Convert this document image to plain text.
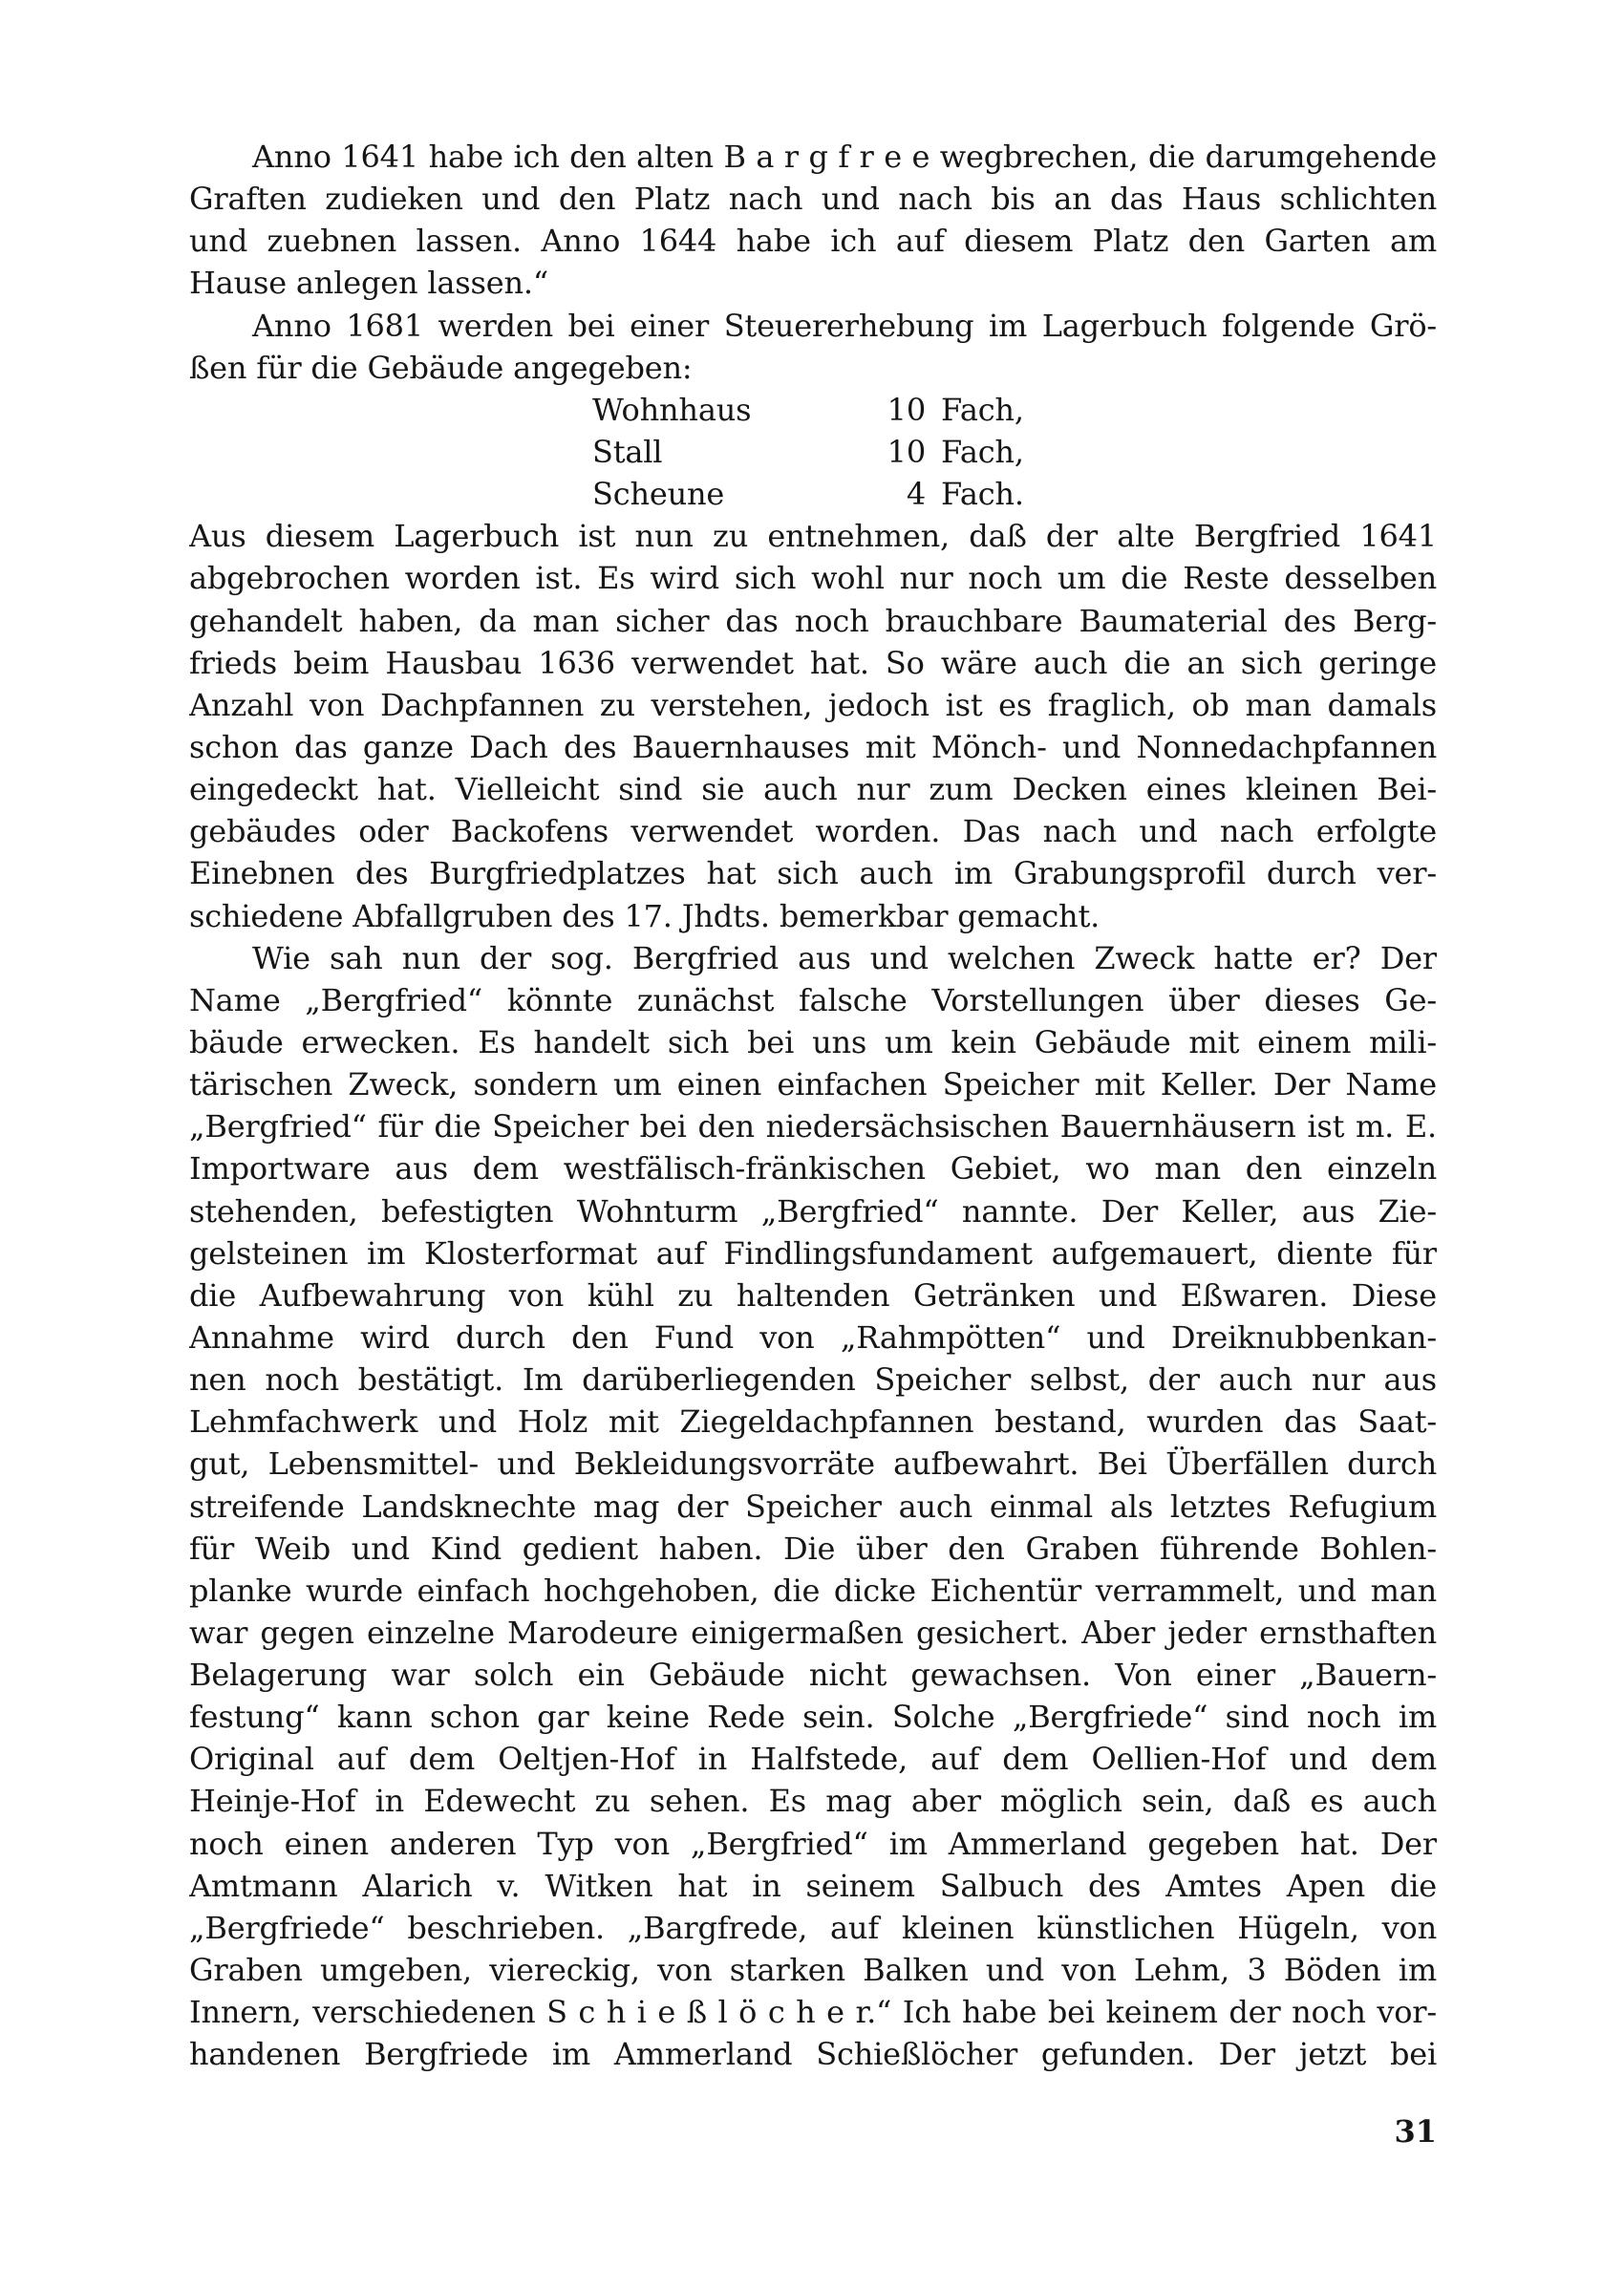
Anno 1641 habe ich den alten B a r g f r e e wegbrechen, die darumgehende
Graften zudieken und den Platz nach und nach bis an das Haus schlichten
und zuebnen lassen. Anno 1644 habe ich auf diesem Platz den Garten am
Hause anlegen lassen.“
Anno 1681 werden bei einer Steuererhebung im Lagerbuch folgende Grö-
ßen für die Gebäude angegeben:
Wohnhaus	10 Fach,
Stall	10 Fach,
Scheune	4 Fach.
Aus diesem Lagerbuch ist nun zu entnehmen, daß der alte Bergfried 1641
abgebrochen worden ist. Es wird sich wohl nur noch um die Reste desselben
gehandelt haben, da man sicher das noch brauchbare Baumaterial des Berg-
frieds beim Hausbau 1636 verwendet hat. So wäre auch die an sich geringe
Anzahl von Dachpfannen zu verstehen, jedoch ist es fraglich, ob man damals
schon das ganze Dach des Bauernhauses mit Mönch- und Nonnedachpfannen
eingedeckt hat. Vielleicht sind sie auch nur zum Decken eines kleinen Bei-
gebäudes oder Backofens verwendet worden. Das nach und nach erfolgte
Einebnen des Burgfriedplatzes hat sich auch im Grabungsprofil durch ver-
schiedene Abfallgruben des 17. Jhdts. bemerkbar gemacht.
Wie sah nun der sog. Bergfried aus und welchen Zweck hatte er? Der
Name „Bergfried“ könnte zunächst falsche Vorstellungen über dieses Ge-
bäude erwecken. Es handelt sich bei uns um kein Gebäude mit einem mili-
tärischen Zweck, sondern um einen einfachen Speicher mit Keller. Der Name
„Bergfried“ für die Speicher bei den niedersächsischen Bauernhäusern ist m. E.
Importware aus dem westfälisch-fränkischen Gebiet, wo man den einzeln
stehenden, befestigten Wohnturm „Bergfried“ nannte. Der Keller, aus Zie-
gelsteinen im Klosterformat auf Findlingsfundament aufgemauert, diente für
die Aufbewahrung von kühl zu haltenden Getränken und Eßwaren. Diese
Annahme wird durch den Fund von „Rahmpötten“ und Dreiknubbenkan-
nen noch bestätigt. Im darüberliegenden Speicher selbst, der auch nur aus
Lehmfachwerk und Holz mit Ziegeldachpfannen bestand, wurden das Saat-
gut, Lebensmittel- und Bekleidungsvorräte aufbewahrt. Bei Überfällen durch
streifende Landsknechte mag der Speicher auch einmal als letztes Refugium
für Weib und Kind gedient haben. Die über den Graben führende Bohlen-
planke wurde einfach hochgehoben, die dicke Eichentür verrammelt, und man
war gegen einzelne Marodeure einigermaßen gesichert. Aber jeder ernsthaften
Belagerung war solch ein Gebäude nicht gewachsen. Von einer „Bauern-
festung“ kann schon gar keine Rede sein. Solche „Bergfriede“ sind noch im
Original auf dem Oeltjen-Hof in Halfstede, auf dem Oellien-Hof und dem
Heinje-Hof in Edewecht zu sehen. Es mag aber möglich sein, daß es auch
noch einen anderen Typ von „Bergfried“ im Ammerland gegeben hat. Der
Amtmann Alarich v. Witken hat in seinem Salbuch des Amtes Apen die
„Bergfriede“ beschrieben. „Bargfrede, auf kleinen künstlichen Hügeln, von
Graben umgeben, viereckig, von starken Balken und von Lehm, 3 Böden im
Innern, verschiedenen S c h i e ß l ö c h e r.“ Ich habe bei keinem der noch vor-
handenen Bergfriede im Ammerland Schießlöcher gefunden. Der jetzt bei
31
